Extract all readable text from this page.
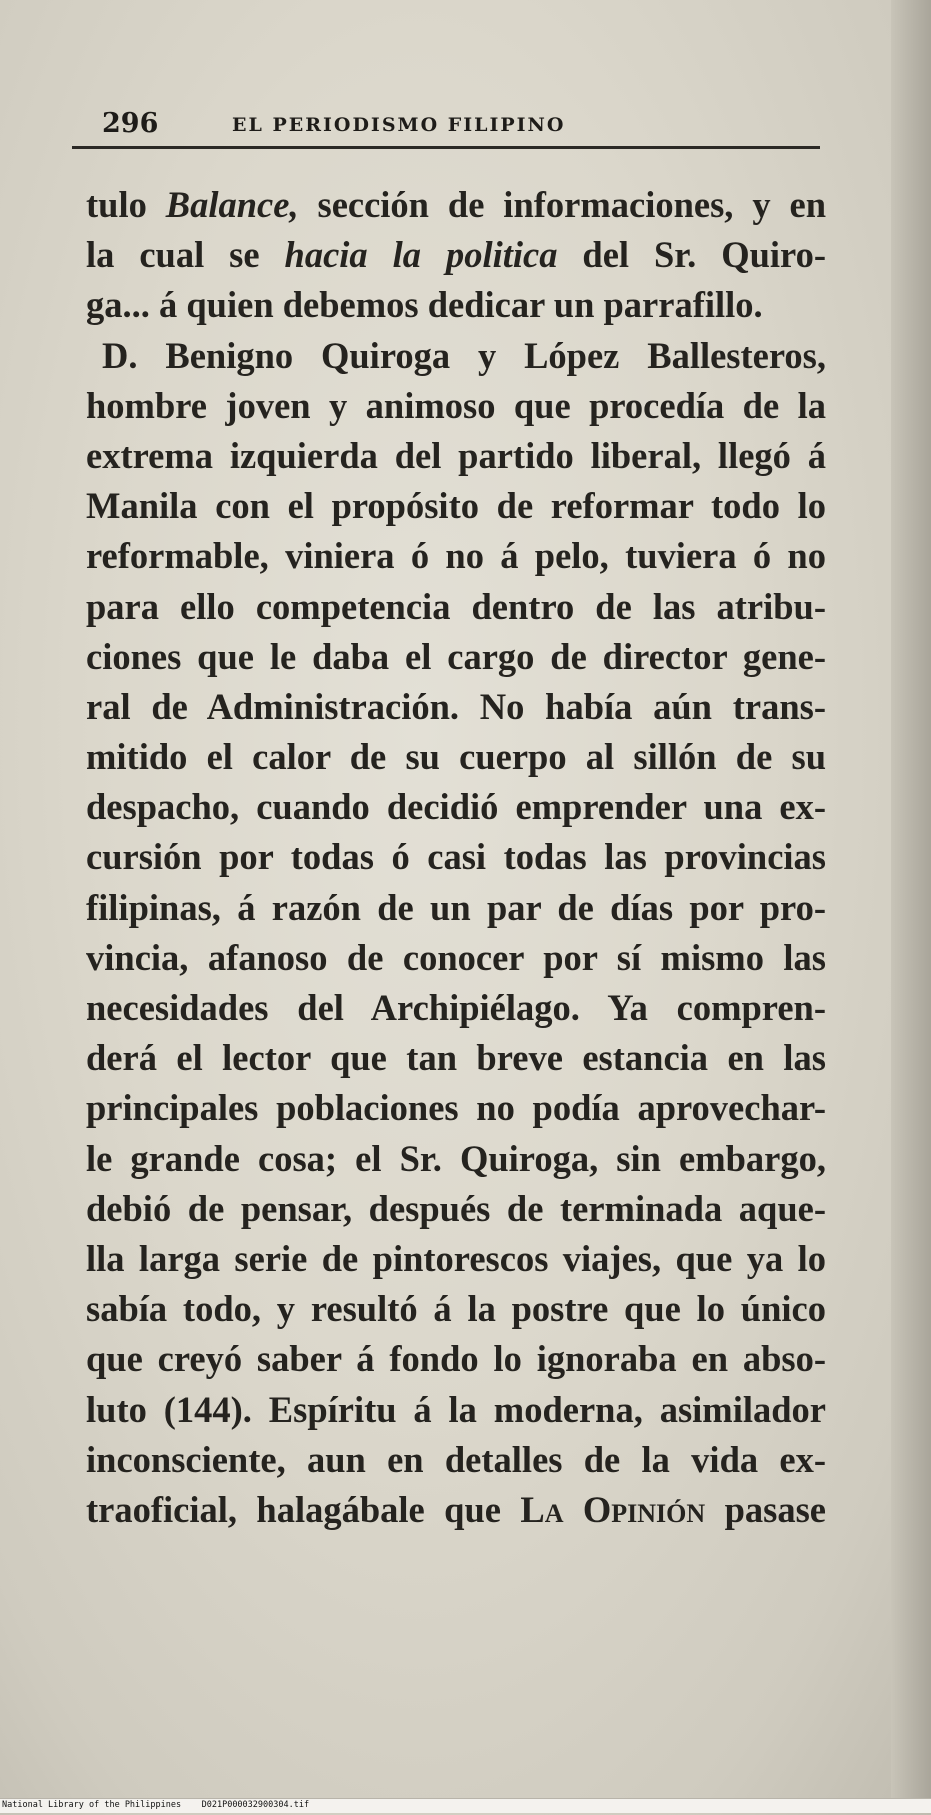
296	EL PERIODISMO FILIPINO
tulo Balance, sección de informaciones, y en
la cual se hacia la politica del Sr. Quiro-
ga... á quien debemos dedicar un parrafillo.
D. Benigno Quiroga y López Ballesteros,
hombre joven y animoso que procedía de la
extrema izquierda del partido liberal, llegó á
Manila con el propósito de reformar todo lo
reformable, viniera ó no á pelo, tuviera ó no
para ello competencia dentro de las atribu-
ciones que le daba el cargo de director gene-
ral de Administración. No había aún trans-
mitido el calor de su cuerpo al sillón de su
despacho, cuando decidió emprender una ex-
cursión por todas ó casi todas las provincias
filipinas, á razón de un par de días por pro-
vincia, afanoso de conocer por sí mismo las
necesidades del Archipiélago. Ya compren-
derá el lector que tan breve estancia en las
principales poblaciones no podía aprovechar-
le grande cosa; el Sr. Quiroga, sin embargo,
debió de pensar, después de terminada aque-
lla larga serie de pintorescos viajes, que ya lo
sabía todo, y resultó á la postre que lo único
que creyó saber á fondo lo ignoraba en abso-
luto (144). Espíritu á la moderna, asimilador
inconsciente, aun en detalles de la vida ex-
traoficial, halagábale que La Opinión pasase
National Library of the Philippines D021P000032900304.tif
